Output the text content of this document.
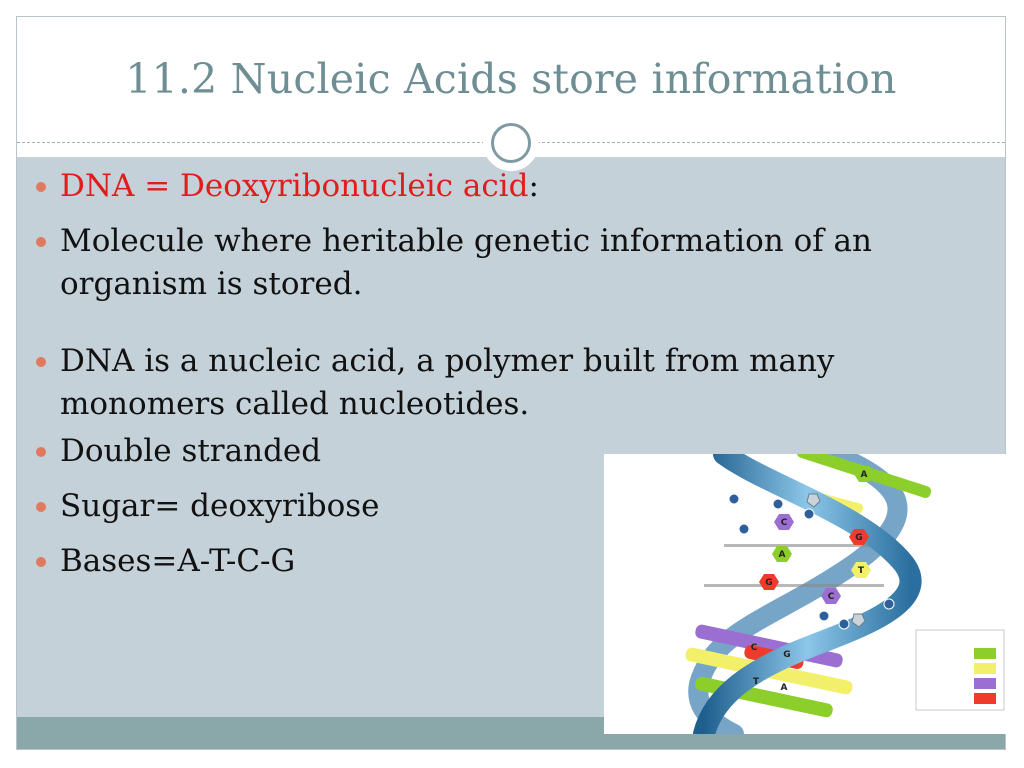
11.2 Nucleic Acids store information
DNA = Deoxyribonucleic acid:
Molecule where heritable genetic information of an organism is stored.
DNA is a nucleic acid, a polymer built from many monomers called nucleotides.
Double stranded
Sugar= deoxyribose
Bases=A-T-C-G
A
C
G
A
T
G
C
C
G
T
A
